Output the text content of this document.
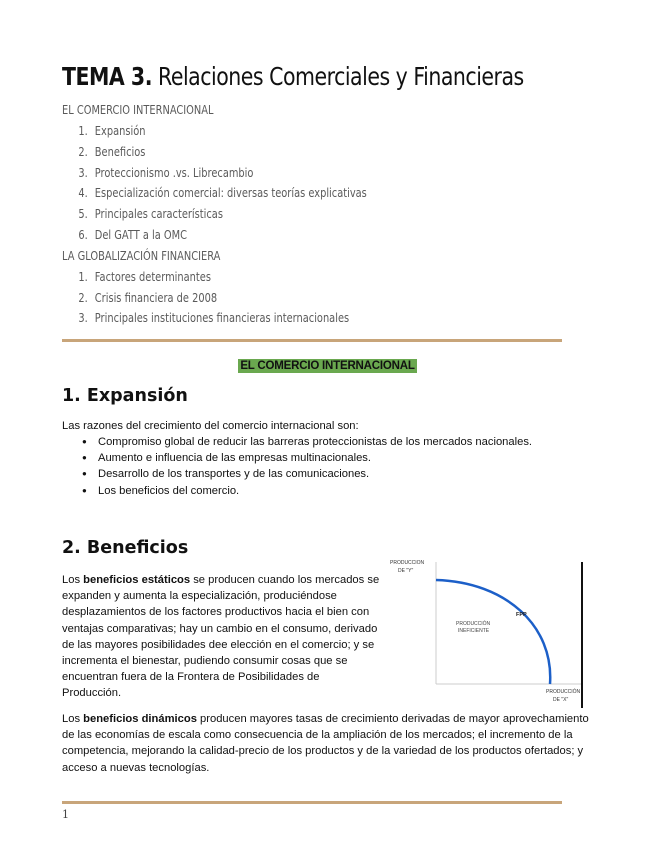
TEMA 3. Relaciones Comerciales y Financieras
EL COMERCIO INTERNACIONAL
1. Expansión
2. Beneficios
3. Proteccionismo .vs. Librecambio
4. Especialización comercial: diversas teorías explicativas
5. Principales características
6. Del GATT a la OMC
LA GLOBALIZACIÓN FINANCIERA
1. Factores determinantes
2. Crisis financiera de 2008
3. Principales instituciones financieras internacionales
EL COMERCIO INTERNACIONAL
1. Expansión
Las razones del crecimiento del comercio internacional son:
● Compromiso global de reducir las barreras proteccionistas de los mercados nacionales.
● Aumento e influencia de las empresas multinacionales.
● Desarrollo de los transportes y de las comunicaciones.
● Los beneficios del comercio.
2. Beneficios
Los beneficios estáticos se producen cuando los mercados se expanden y aumenta la especialización, produciéndose desplazamientos de los factores productivos hacia el bien con ventajas comparativas; hay un cambio en el consumo, derivado de las mayores posibilidades dee elección en el comercio; y se incrementa el bienestar, pudiendo consumir cosas que se encuentran fuera de la Frontera de Posibilidades de Producción.
PRODUCCIÓN
DE "Y"
FPP
PRODUCCIÓN
INEFICIENTE
PRODUCCIÓN
DE "X"
Los beneficios dinámicos producen mayores tasas de crecimiento derivadas de mayor aprovechamiento de las economías de escala como consecuencia de la ampliación de los mercados; el incremento de la competencia, mejorando la calidad-precio de los productos y de la variedad de los productos ofertados; y acceso a nuevas tecnologías.
1
